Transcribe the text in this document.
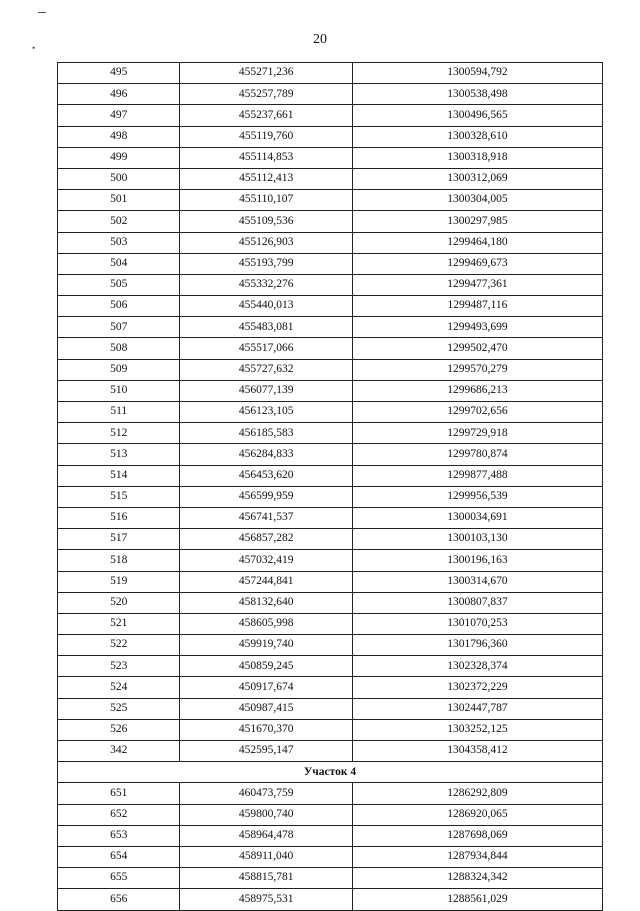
•
20
495	455271,236	1300594,792
496	455257,789	1300538,498
497	455237,661	1300496,565
498	455119,760	1300328,610
499	455114,853	1300318,918
500	455112,413	1300312,069
501	455110,107	1300304,005
502	455109,536	1300297,985
503	455126,903	1299464,180
504	455193,799	1299469,673
505	455332,276	1299477,361
506	455440,013	1299487,116
507	455483,081	1299493,699
508	455517,066	1299502,470
509	455727,632	1299570,279
510	456077,139	1299686,213
511	456123,105	1299702,656
512	456185,583	1299729,918
513	456284,833	1299780,874
514	456453,620	1299877,488
515	456599,959	1299956,539
516	456741,537	1300034,691
517	456857,282	1300103,130
518	457032,419	1300196,163
519	457244,841	1300314,670
520	458132,640	1300807,837
521	458605,998	1301070,253
522	459919,740	1301796,360
523	450859,245	1302328,374
524	450917,674	1302372,229
525	450987,415	1302447,787
526	451670,370	1303252,125
342	452595,147	1304358,412
Участок 4		
651	460473,759	1286292,809
652	459800,740	1286920,065
653	458964,478	1287698,069
654	458911,040	1287934,844
655	458815,781	1288324,342
656	458975,531	1288561,029
